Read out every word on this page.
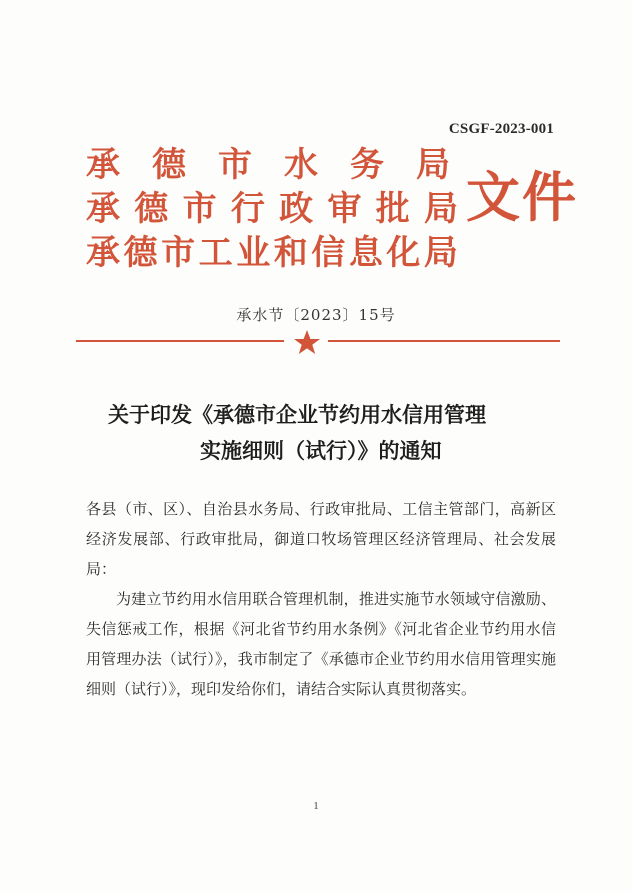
CSGF-2023-001
承 德 市 水 务 局
承 德 市 行 政 审 批 局
承 德 市 工 业 和 信 息 化 局
文件
承水节〔2023〕15号
关于印发《承德市企业节约用水信用管理
实施细则（试行）》的通知

各县（市、区）、自治县水务局、行政审批局、工信主管部门，高新区经济发展部、行政审批局，御道口牧场管理区经济管理局、社会发展局：

为建立节约用水信用联合管理机制，推进实施节水领域守信激励、失信惩戒工作，根据《河北省节约用水条例》《河北省企业节约用水信用管理办法（试行）》，我市制定了《承德市企业节约用水信用管理实施细则（试行）》，现印发给你们，请结合实际认真贯彻落实。

1
